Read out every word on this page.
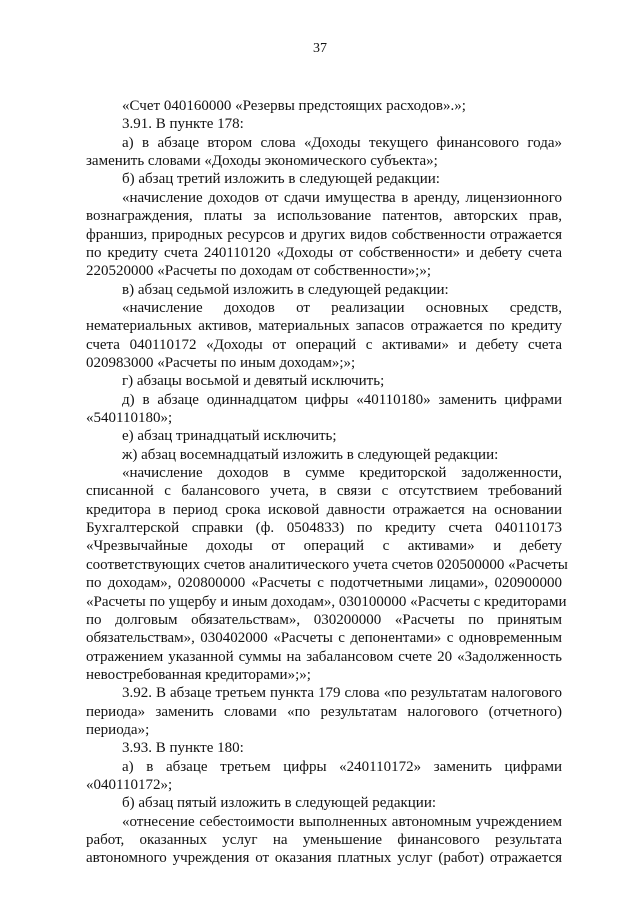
37
«Счет 040160000 «Резервы предстоящих расходов».»;
3.91. В пункте 178:
а) в абзаце втором слова «Доходы текущего финансового года»
заменить словами «Доходы экономического субъекта»;
б) абзац третий изложить в следующей редакции:
«начисление доходов от сдачи имущества в аренду, лицензионного
вознаграждения, платы за использование патентов, авторских прав,
франшиз, природных ресурсов и других видов собственности отражается
по кредиту счета 240110120 «Доходы от собственности» и дебету счета
220520000 «Расчеты по доходам от собственности»;»;
в) абзац седьмой изложить в следующей редакции:
«начисление доходов от реализации основных средств,
нематериальных активов, материальных запасов отражается по кредиту
счета 040110172 «Доходы от операций с активами» и дебету счета
020983000 «Расчеты по иным доходам»;»;
г) абзацы восьмой и девятый исключить;
д) в абзаце одиннадцатом цифры «40110180» заменить цифрами
«540110180»;
е) абзац тринадцатый исключить;
ж) абзац восемнадцатый изложить в следующей редакции:
«начисление доходов в сумме кредиторской задолженности,
списанной с балансового учета, в связи с отсутствием требований
кредитора в период срока исковой давности отражается на основании
Бухгалтерской справки (ф. 0504833) по кредиту счета 040110173
«Чрезвычайные доходы от операций с активами» и дебету
соответствующих счетов аналитического учета счетов 020500000 «Расчеты
по доходам», 020800000 «Расчеты с подотчетными лицами», 020900000
«Расчеты по ущербу и иным доходам», 030100000 «Расчеты с кредиторами
по долговым обязательствам», 030200000 «Расчеты по принятым
обязательствам», 030402000 «Расчеты с депонентами» с одновременным
отражением указанной суммы на забалансовом счете 20 «Задолженность
невостребованная кредиторами»;»;
3.92. В абзаце третьем пункта 179 слова «по результатам налогового
периода» заменить словами «по результатам налогового (отчетного)
периода»;
3.93. В пункте 180:
а) в абзаце третьем цифры «240110172» заменить цифрами
«040110172»;
б) абзац пятый изложить в следующей редакции:
«отнесение себестоимости выполненных автономным учреждением
работ, оказанных услуг на уменьшение финансового результата
автономного учреждения от оказания платных услуг (работ) отражается
